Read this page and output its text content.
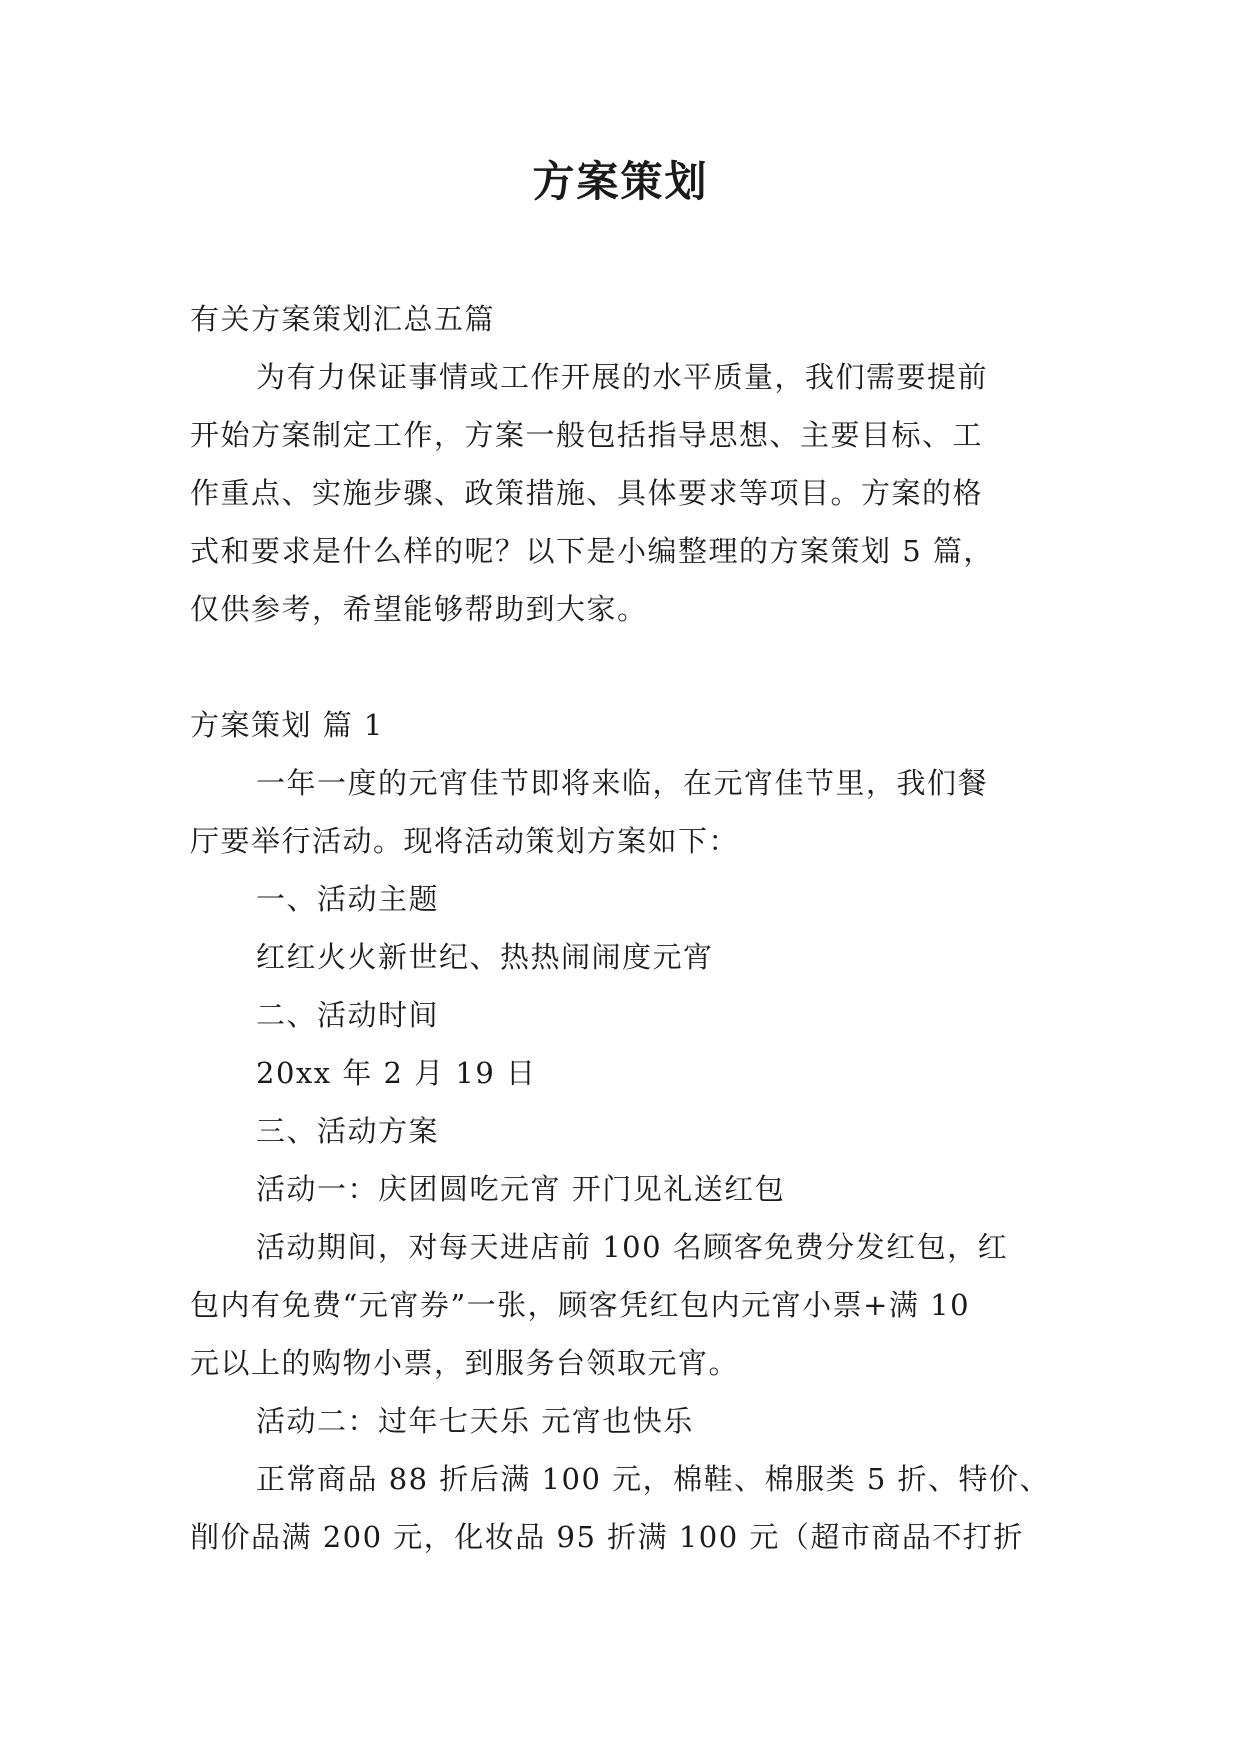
方案策划
有关方案策划汇总五篇
为有力保证事情或工作开展的水平质量，我们需要提前
开始方案制定工作，方案一般包括指导思想、主要目标、工
作重点、实施步骤、政策措施、具体要求等项目。方案的格
式和要求是什么样的呢？以下是小编整理的方案策划 5 篇，
仅供参考，希望能够帮助到大家。
方案策划 篇 1
一年一度的元宵佳节即将来临，在元宵佳节里，我们餐
厅要举行活动。现将活动策划方案如下：
一、活动主题
红红火火新世纪、热热闹闹度元宵
二、活动时间
20xx 年 2 月 19 日
三、活动方案
活动一：庆团圆吃元宵 开门见礼送红包
活动期间，对每天进店前 100 名顾客免费分发红包，红
包内有免费“元宵券”一张，顾客凭红包内元宵小票+满 10
元以上的购物小票，到服务台领取元宵。
活动二：过年七天乐 元宵也快乐
正常商品 88 折后满 100 元，棉鞋、棉服类 5 折、特价、
削价品满 200 元，化妆品 95 折满 100 元（超市商品不打折
